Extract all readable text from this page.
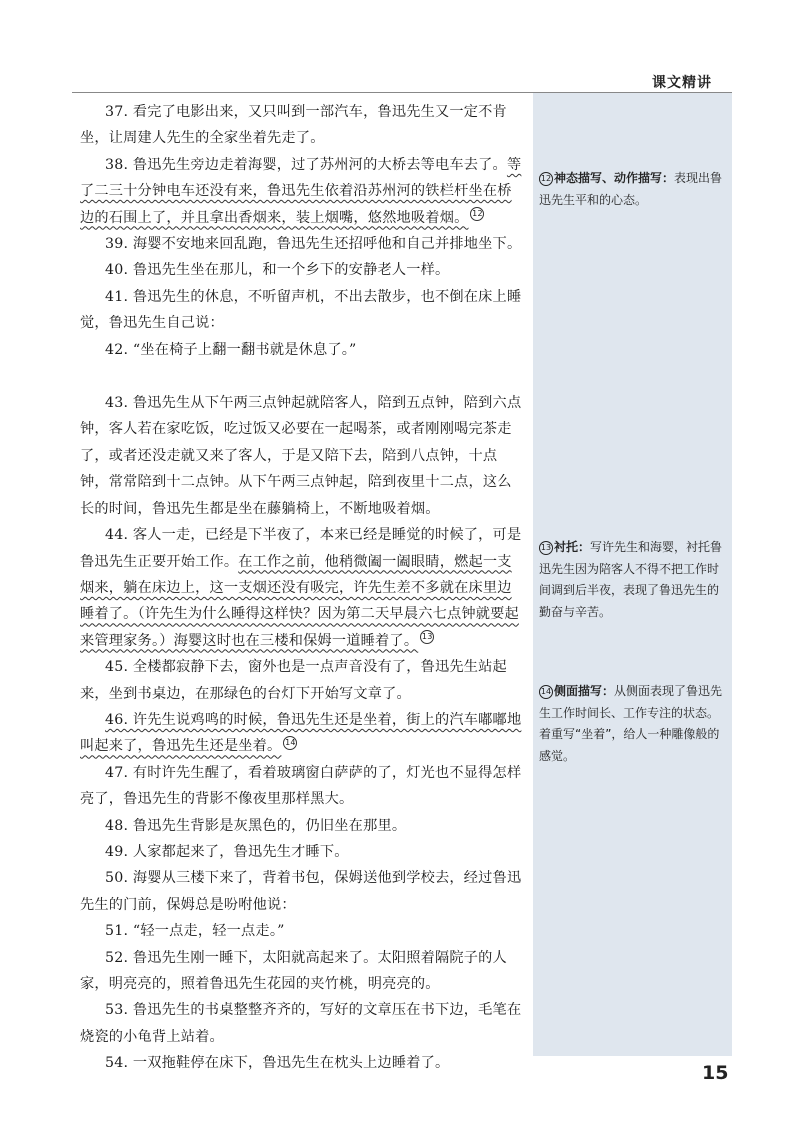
课文精讲

37. 看完了电影出来，又只叫到一部汽车，鲁迅先生又一定不肯坐，让周建人先生的全家坐着先走了。

38. 鲁迅先生旁边走着海婴，过了苏州河的大桥去等电车去了。等了二三十分钟电车还没有来，鲁迅先生依着沿苏州河的铁栏杆坐在桥边的石围上了，并且拿出香烟来，装上烟嘴，悠然地吸着烟。 12

39. 海婴不安地来回乱跑，鲁迅先生还招呼他和自己并排地坐下。

40. 鲁迅先生坐在那儿，和一个乡下的安静老人一样。

41. 鲁迅先生的休息，不听留声机，不出去散步，也不倒在床上睡觉，鲁迅先生自己说：

42. “坐在椅子上翻一翻书就是休息了。”

43. 鲁迅先生从下午两三点钟起就陪客人，陪到五点钟，陪到六点钟，客人若在家吃饭，吃过饭又必要在一起喝茶，或者刚刚喝完茶走了，或者还没走就又来了客人，于是又陪下去，陪到八点钟，十点钟，常常陪到十二点钟。从下午两三点钟起，陪到夜里十二点，这么长的时间，鲁迅先生都是坐在藤躺椅上，不断地吸着烟。

44. 客人一走，已经是下半夜了，本来已经是睡觉的时候了，可是鲁迅先生正要开始工作。在工作之前，他稍微阖一阖眼睛，燃起一支烟来，躺在床边上，这一支烟还没有吸完，许先生差不多就在床里边睡着了。（许先生为什么睡得这样快？因为第二天早晨六七点钟就要起来管理家务。）海婴这时也在三楼和保姆一道睡着了。 13

45. 全楼都寂静下去，窗外也是一点声音没有了，鲁迅先生站起来，坐到书桌边，在那绿色的台灯下开始写文章了。

46. 许先生说鸡鸣的时候，鲁迅先生还是坐着，街上的汽车嘟嘟地叫起来了，鲁迅先生还是坐着。 14

47. 有时许先生醒了，看着玻璃窗白萨萨的了，灯光也不显得怎样亮了，鲁迅先生的背影不像夜里那样黑大。

48. 鲁迅先生背影是灰黑色的，仍旧坐在那里。

49. 人家都起来了，鲁迅先生才睡下。

50. 海婴从三楼下来了，背着书包，保姆送他到学校去，经过鲁迅先生的门前，保姆总是吩咐他说：

51. “轻一点走，轻一点走。”

52. 鲁迅先生刚一睡下，太阳就高起来了。太阳照着隔院子的人家，明亮亮的，照着鲁迅先生花园的夹竹桃，明亮亮的。

53. 鲁迅先生的书桌整整齐齐的，写好的文章压在书下边，毛笔在烧瓷的小龟背上站着。

54. 一双拖鞋停在床下，鲁迅先生在枕头上边睡着了。

12 神态描写、动作描写：表现出鲁迅先生平和的心态。
13 衬托：写许先生和海婴，衬托鲁迅先生因为陪客人不得不把工作时间调到后半夜，表现了鲁迅先生的勤奋与辛苦。
14 侧面描写：从侧面表现了鲁迅先生工作时间长、工作专注的状态。着重写“坐着”，给人一种雕像般的感觉。
15
